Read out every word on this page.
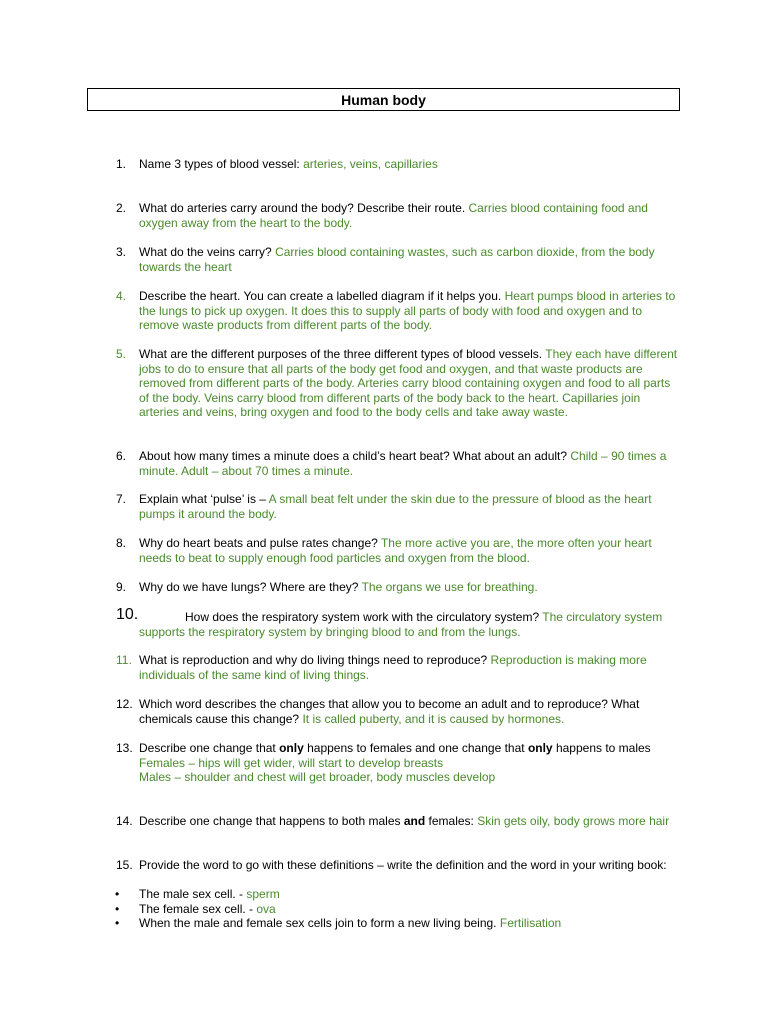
Human body
1.	Name 3 types of blood vessel: arteries, veins, capillaries
2.	What do arteries carry around the body? Describe their route. Carries blood containing food and oxygen away from the heart to the body.
3.	What do the veins carry? Carries blood containing wastes, such as carbon dioxide, from the body towards the heart
4.	Describe the heart. You can create a labelled diagram if it helps you. Heart pumps blood in arteries to the lungs to pick up oxygen. It does this to supply all parts of body with food and oxygen and to remove waste products from different parts of the body.
5.	What are the different purposes of the three different types of blood vessels. They each have different jobs to do to ensure that all parts of the body get food and oxygen, and that waste products are removed from different parts of the body. Arteries carry blood containing oxygen and food to all parts of the body. Veins carry blood from different parts of the body back to the heart. Capillaries join arteries and veins, bring oxygen and food to the body cells and take away waste.
6.	About how many times a minute does a child’s heart beat? What about an adult? Child – 90 times a minute. Adult – about 70 times a minute.
7.	Explain what ‘pulse’ is – A small beat felt under the skin due to the pressure of blood as the heart pumps it around the body.
8.	Why do heart beats and pulse rates change? The more active you are, the more often your heart needs to beat to supply enough food particles and oxygen from the blood.
9.	Why do we have lungs? Where are they? The organs we use for breathing.
10.	How does the respiratory system work with the circulatory system? The circulatory system supports the respiratory system by bringing blood to and from the lungs.
11. What is reproduction and why do living things need to reproduce? Reproduction is making more individuals of the same kind of living things.
12. Which word describes the changes that allow you to become an adult and to reproduce? What chemicals cause this change? It is called puberty, and it is caused by hormones.
13. Describe one change that only happens to females and one change that only happens to males
Females – hips will get wider, will start to develop breasts
Males – shoulder and chest will get broader, body muscles develop
14. Describe one change that happens to both males and females: Skin gets oily, body grows more hair
15. Provide the word to go with these definitions – write the definition and the word in your writing book:
• The male sex cell. - sperm
• The female sex cell. - ova
• When the male and female sex cells join to form a new living being. Fertilisation
